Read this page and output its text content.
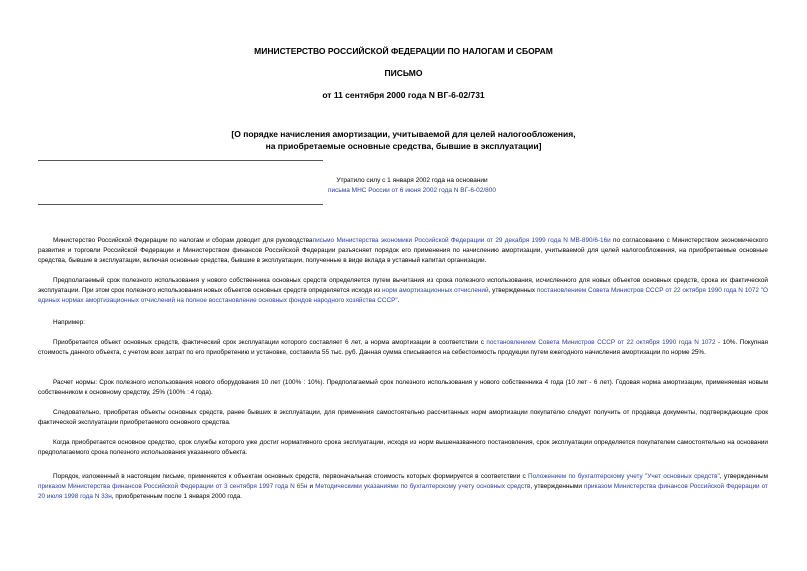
МИНИСТЕРСТВО РОССИЙСКОЙ ФЕДЕРАЦИИ ПО НАЛОГАМ И СБОРАМ
ПИСЬМО
от 11 сентября 2000 года N ВГ-6-02/731
[О порядке начисления амортизации, учитываемой для целей налогообложения,
на приобретаемые основные средства, бывшие в эксплуатации]
Утратило силу с 1 января 2002 года на основании
письма МНС России от 6 июня 2002 года N ВГ-6-02/800

Министерство Российской Федерации по налогам и сборам доводит для руководстваписьмо Министерства экономики Российской Федерации от 29 декабря 1999 года N МВ-890/6-16и по согласованию с Министерством экономического развития и торговли Российской Федерации и Министерством финансов Российской Федерации разъясняет порядок его применения по начислению амортизации, учитываемой для целей налогообложения, на приобретаемые основные средства, бывшие в эксплуатации, включая основные средства, бывшие в эксплуатации, полученные в виде вклада в уставный капитал организации.

Предполагаемый срок полезного использования у нового собственника основных средств определяется путем вычитания из срока полезного использования, исчисленного для новых объектов основных средств, срока их фактической эксплуатации. При этом срок полезного использования новых объектов основных средств определяется исходя из норм амортизационных отчислений, утвержденных постановлением Совета Министров СССР от 22 октября 1990 года N 1072 "О единых нормах амортизационных отчислений на полное восстановление основных фондов народного хозяйства СССР".

Например:

Приобретается объект основных средств, фактический срок эксплуатации которого составляет 6 лет, а норма амортизации в соответствии с постановлением Совета Министров СССР от 22 октября 1990 года N 1072 - 10%. Покупная стоимость данного объекта, с учетом всех затрат по его приобретению и установке, составила 55 тыс. руб. Данная сумма списывается на себестоимость продукции путем ежегодного начисления амортизации по норме 25%.

Расчет нормы: Срок полезного использования нового оборудования 10 лет (100% : 10%). Предполагаемый срок полезного использования у нового собственника 4 года (10 лет - 6 лет). Годовая норма амортизации, применяемая новым собственником к основному средству, 25% (100% : 4 года).

Следовательно, приобретая объекты основных средств, ранее бывших в эксплуатации, для применения самостоятельно рассчитанных норм амортизации покупателю следует получить от продавца документы, подтверждающие срок фактической эксплуатации приобретаемого основного средства.

Когда приобретается основное средство, срок службы которого уже достиг нормативного срока эксплуатации, исходя из норм вышеназванного постановления, срок эксплуатации определяется покупателем самостоятельно на основании предполагаемого срока полезного использования указанного объекта.

Порядок, изложенный в настоящем письме, применяется к объектам основных средств, первоначальная стоимость которых формируется в соответствии с Положением по бухгалтерскому учету "Учет основных средств", утвержденным приказом Министерства финансов Российской Федерации от 3 сентября 1997 года N 65н и Методическими указаниями по бухгалтерскому учету основных средств, утвержденными приказом Министерства финансов Российской Федерации от 20 июля 1998 года N 33н, приобретенным после 1 января 2000 года.
